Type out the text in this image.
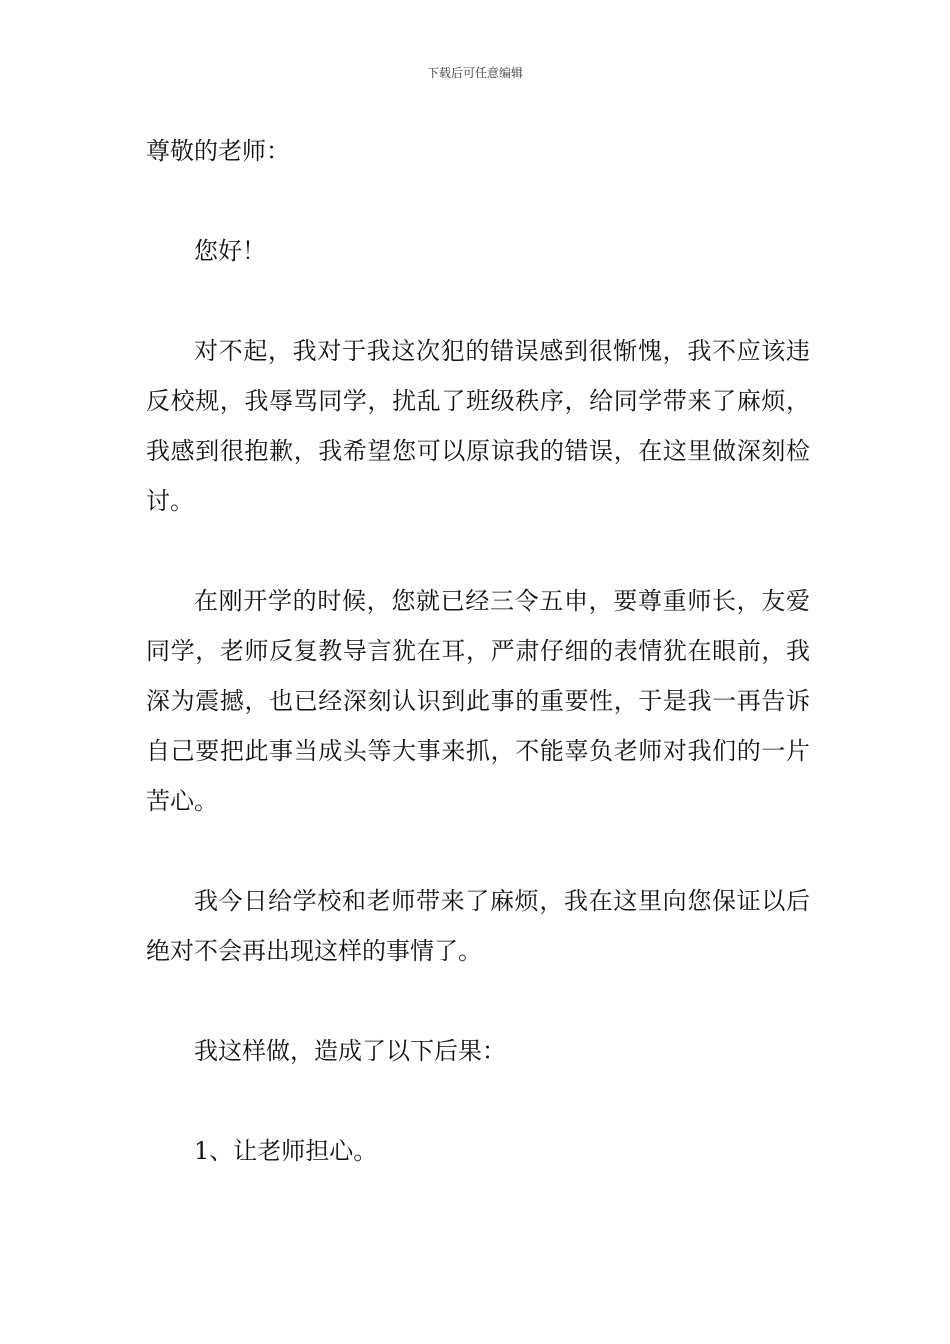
下载后可任意编辑

尊敬的老师：

您好！

对不起，我对于我这次犯的错误感到很惭愧，我不应该违反校规，我辱骂同学，扰乱了班级秩序，给同学带来了麻烦，我感到很抱歉，我希望您可以原谅我的错误，在这里做深刻检讨。

在刚开学的时候，您就已经三令五申，要尊重师长，友爱同学，老师反复教导言犹在耳，严肃仔细的表情犹在眼前，我深为震撼，也已经深刻认识到此事的重要性，于是我一再告诉自己要把此事当成头等大事来抓，不能辜负老师对我们的一片苦心。

我今日给学校和老师带来了麻烦，我在这里向您保证以后绝对不会再出现这样的事情了。

我这样做，造成了以下后果：

1、让老师担心。
